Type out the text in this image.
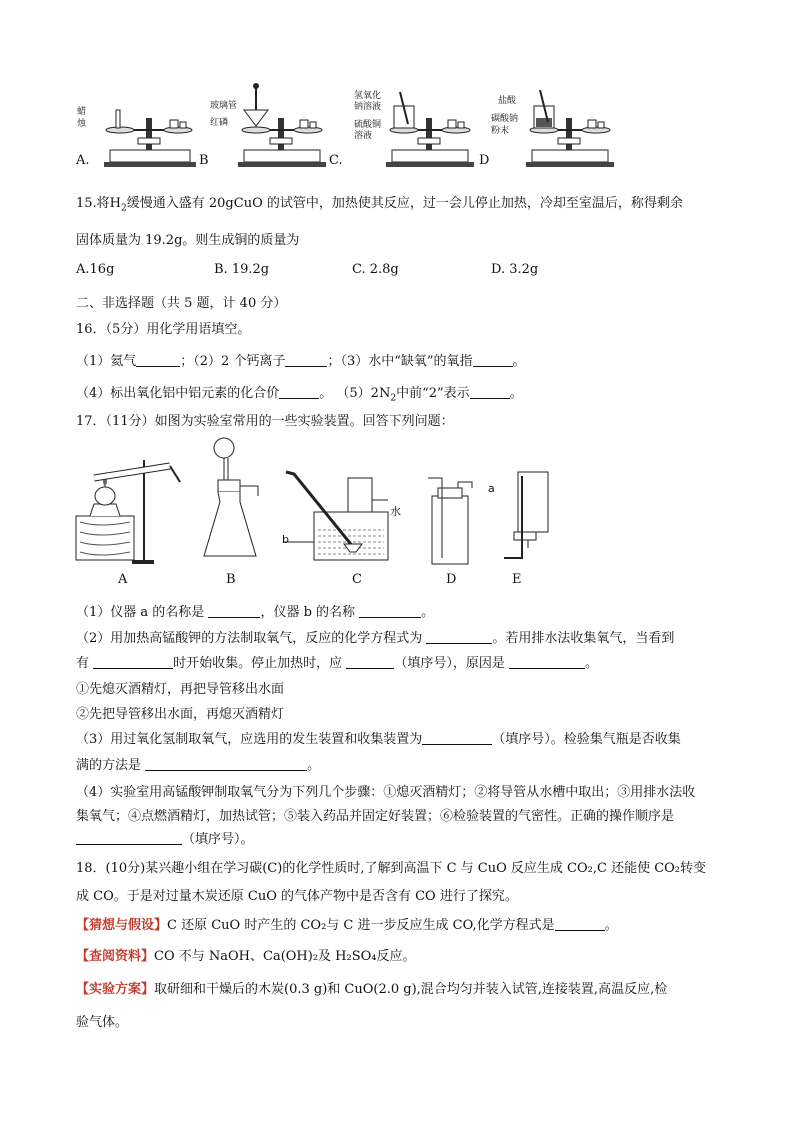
蜡
烛
A.
玻璃管
红磷
B
氢氧化
钠溶液
硫酸铜
溶液
C.
盐酸
碳酸钠
粉末
D
15.将$H_2$缓慢通入盛有 20gCuO 的试管中，加热使其反应，过一会儿停止加热，冷却至室温后，称得剩余
固体质量为 19.2g。则生成铜的质量为
A.16g	B. 19.2g	C. 2.8g	D. 3.2g
二、非选择题（共 5 题，计 40 分）
16．（5分）用化学用语填空。
（1）氦气	；（2）2 个钙离子	；（3）水中“缺氧”的氧指	。
（4）标出氧化铝中铝元素的化合价	。 $(5)2N_2$中前“2”表示	。
17．（11分）如图为实验室常用的一些实验装置。回答下列问题：
水
a
b
A	B	C	D	E
（1）仪器 a 的名称是	，仪器 b 的名称	。
（2）用加热高锰酸钾的方法制取氧气，反应的化学方程式为	。若用排水法收集氧气，当看到
有	时开始收集。停止加热时，应	（填序号），原因是	。
①先熄灭酒精灯，再把导管移出水面
②先把导管移出水面，再熄灭酒精灯
（3）用过氧化氢制取氧气，应选用的发生装置和收集装置为	（填序号）。检验集气瓶是否收集
满的方法是	。
（4）实验室用高锰酸钾制取氧气分为下列几个步骤：①熄灭酒精灯；②将导管从水槽中取出；③用排水法收
集氧气；④点燃酒精灯，加热试管；⑤装入药品并固定好装置；⑥检验装置的气密性。正确的操作顺序是
（填序号）。
18．(10分)某兴趣小组在学习碳(C)的化学性质时,了解到高温下 C 与 CuO 反应生成 CO₂,C 还能使 CO₂转变
成 CO。于是对过量木炭还原 CuO 的气体产物中是否含有 CO 进行了探究。
【猜想与假设】C 还原 CuO 时产生的 CO₂与 C 进一步反应生成 CO,化学方程式是	。
【查阅资料】CO 不与 NaOH、Ca(OH)₂及 H₂SO₄反应。
【实验方案】取研细和干燥后的木炭(0.3 g)和 CuO(2.0 g),混合均匀并装入试管,连接装置,高温反应,检
验气体。
